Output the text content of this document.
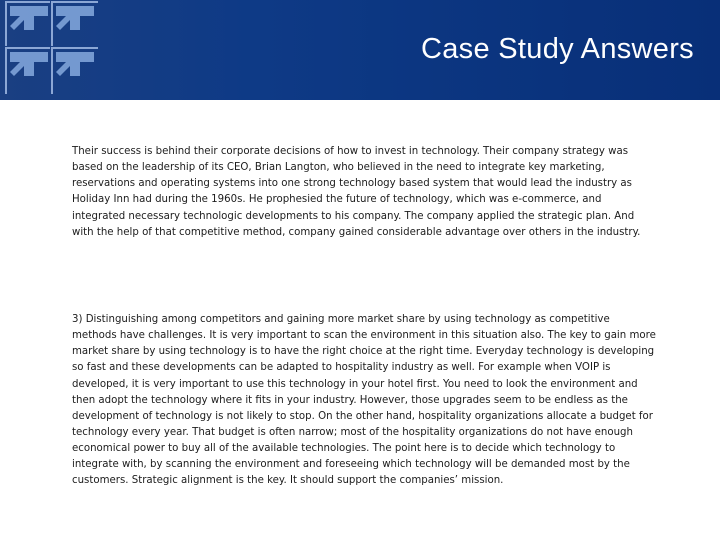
Case Study Answers

Their success is behind their corporate decisions of how to invest in technology. Their company strategy was based on the leadership of its CEO, Brian Langton, who believed in the need to integrate key marketing, reservations and operating systems into one strong technology based system that would lead the industry as Holiday Inn had during the 1960s. He prophesied the future of technology, which was e-commerce, and integrated necessary technologic developments to his company. The company applied the strategic plan. And with the help of that competitive method, company gained considerable advantage over others in the industry.

3) Distinguishing among competitors and gaining more market share by using technology as competitive methods have challenges. It is very important to scan the environment in this situation also. The key to gain more market share by using technology is to have the right choice at the right time. Everyday technology is developing so fast and these developments can be adapted to hospitality industry as well. For example when VOIP is developed, it is very important to use this technology in your hotel first. You need to look the environment and then adopt the technology where it fits in your industry. However, those upgrades seem to be endless as the development of technology is not likely to stop. On the other hand, hospitality organizations allocate a budget for technology every year. That budget is often narrow; most of the hospitality organizations do not have enough economical power to buy all of the available technologies. The point here is to decide which technology to integrate with, by scanning the environment and foreseeing which technology will be demanded most by the customers. Strategic alignment is the key. It should support the companies’ mission.
